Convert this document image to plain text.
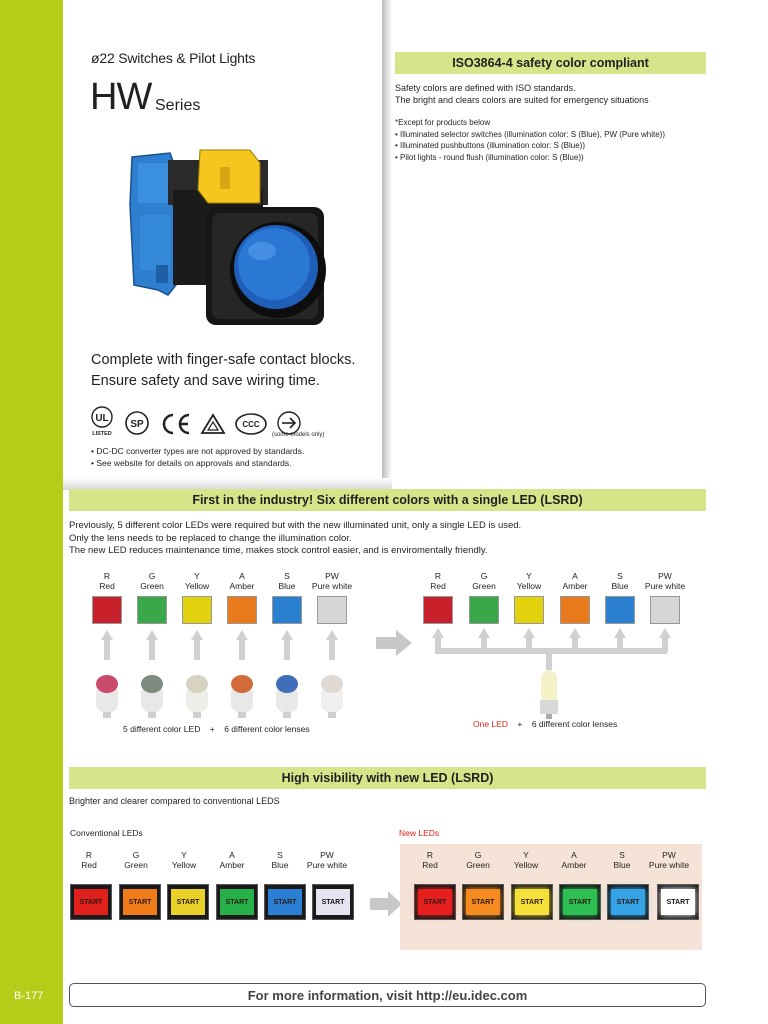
B-177
ø22 Switches & Pilot Lights
HW Series
Complete with finger-safe contact blocks.
Ensure safety and save wiring time.
UL
LISTED
SP	CCC
(some models only)
• DC-DC converter types are not approved by standards.
• See website for details on approvals and standards.
ISO3864-4 safety color compliant
Safety colors are defined with ISO standards.
The bright and clears colors are suited for emergency situations
*Except for products below
• Illuminated selector switches (illumination color: S (Blue), PW (Pure white))
• Illuminated pushbuttons (illumination color: S (Blue))
• Pilot lights - round flush (illumination color: S (Blue))
First in the industry! Six different colors with a single LED (LSRD)
Previously, 5 different color LEDs were required but with the new illuminated unit, only a single LED is used.
Only the lens needs to be replaced to change the illumination color.
The new LED reduces maintenance time, makes stock control easier, and is enviromentally friendly.
R
Red
G
Green
Y
Yellow
A
Amber
S
Blue
PW
Pure white
R
Red
G
Green
Y
Yellow
A
Amber
S
Blue
PW
Pure white
5 different color LED + 6 different color lenses	One LED + 6 different color lenses
High visibility with new LED (LSRD)
Brighter and clearer compared to conventional LEDS
Conventional LEDs	New LEDs
R
Red
G
Green
Y
Yellow
A
Amber
S
Blue
PW
Pure white
START	START	START	START	START	START
R
Red
G
Green
Y
Yellow
A
Amber
S
Blue
PW
Pure white
START	START	START	START	START	START
For more information, visit http://eu.idec.com
